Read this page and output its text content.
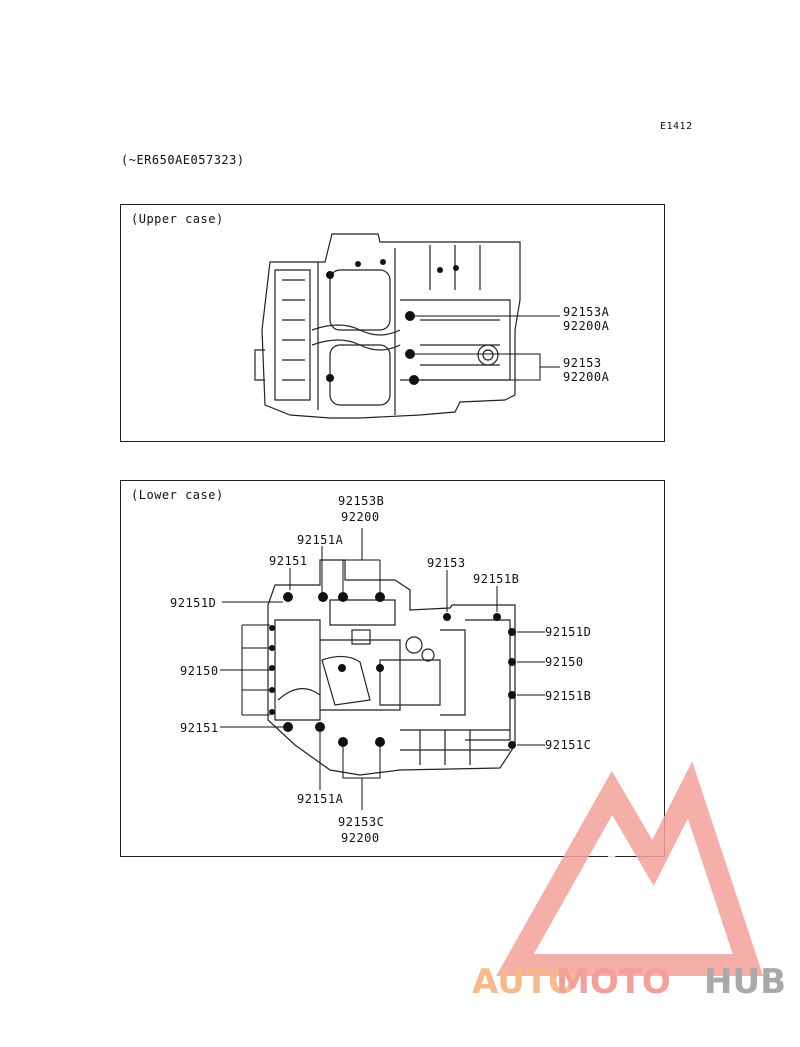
E1412
(~ER650AE057323)
(Upper case)
(Lower case)
92153A
92200A
92153
92200A
92153B
92200
92151A
92151
92151D
92150
92151
92151A
92153C
92200
92153
92151B
92151D
92150
92151B
92151C
AUTO
MOTO HUB
